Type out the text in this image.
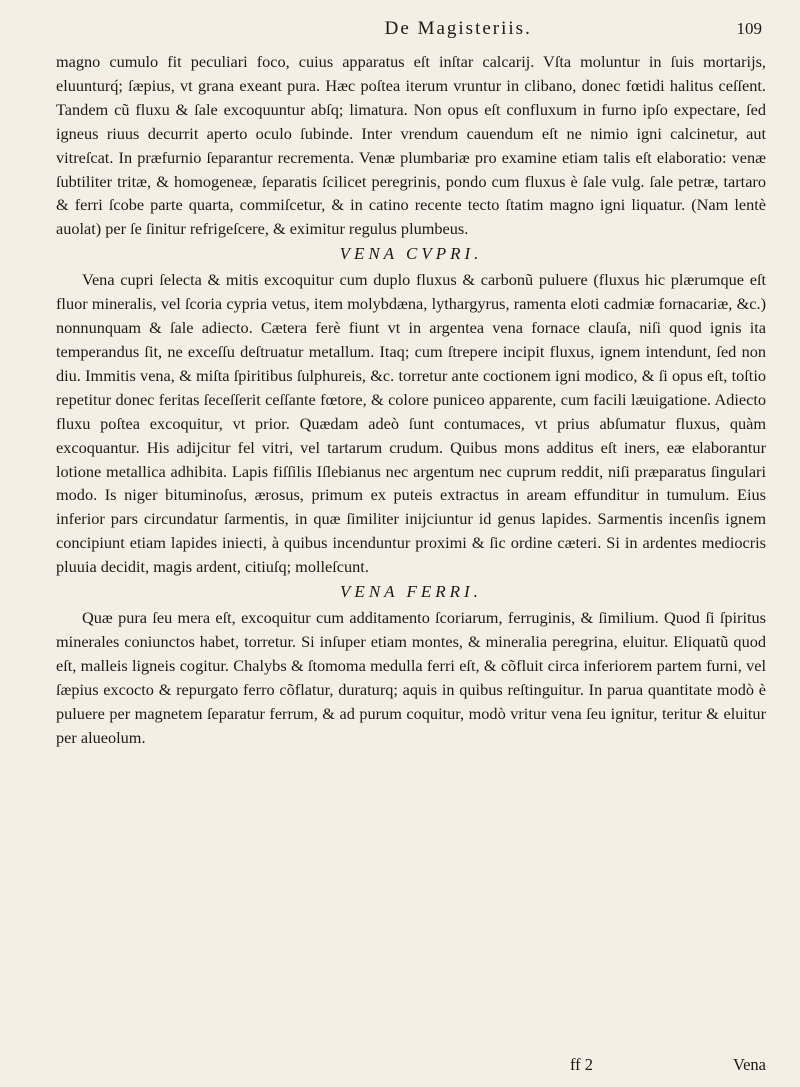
De Magisteriis.	109

magno cumulo fit peculiari foco, cuius apparatus eſt inſtar calcarij. Vſta moluntur in ſuis mortarijs, eluunturq́; ſæpius, vt grana exeant pura. Hæc poſtea iterum vruntur in clibano, donec fœtidi halitus ceſſent. Tandem cũ fluxu & ſale excoquuntur abſq; limatura. Non opus eſt confluxum in furno ipſo expectare, ſed igneus riuus decurrit aperto oculo ſubinde. Inter vrendum cauendum eſt ne nimio igni calcinetur, aut vitreſcat. In præfurnio ſeparantur recrementa. Venæ plumbariæ pro examine etiam talis eſt elaboratio: venæ ſubtiliter tritæ, & homogeneæ, ſeparatis ſcilicet peregrinis, pondo cum fluxus è ſale vulg. ſale petræ, tartaro & ferri ſcobe parte quarta, commiſcetur, & in catino recente tecto ſtatim magno igni liquatur. (Nam lentè auolat) per ſe ſinitur refrigeſcere, & eximitur regulus plumbeus.

VENA CVPRI.

Vena cupri ſelecta & mitis excoquitur cum duplo fluxus & carbonũ puluere (fluxus hic plærumque eſt fluor mineralis, vel ſcoria cypria vetus, item molybdæna, lythargyrus, ramenta eloti cadmiæ fornacariæ, &c.) nonnunquam & ſale adiecto. Cætera ferè fiunt vt in argentea vena fornace clauſa, niſi quod ignis ita temperandus ſit, ne exceſſu deſtruatur metallum. Itaq; cum ſtrepere incipit fluxus, ignem intendunt, ſed non diu. Immitis vena, & miſta ſpiritibus ſulphureis, &c. torretur ante coctionem igni modico, & ſi opus eſt, toſtio repetitur donec feritas ſeceſſerit ceſſante fœtore, & colore puniceo apparente, cum facili læuigatione. Adiecto fluxu poſtea excoquitur, vt prior. Quædam adeò ſunt contumaces, vt prius abſumatur fluxus, quàm excoquantur. His adijcitur fel vitri, vel tartarum crudum. Quibus mons additus eſt iners, eæ elaborantur lotione metallica adhibita. Lapis fiſſilis Iſlebianus nec argentum nec cuprum reddit, niſi præparatus ſingulari modo. Is niger bituminoſus, ærosus, primum ex puteis extractus in aream effunditur in tumulum. Eius inferior pars circundatur ſarmentis, in quæ ſimiliter inijciuntur id genus lapides. Sarmentis incenſis ignem concipiunt etiam lapides iniecti, à quibus incenduntur proximi & ſic ordine cæteri. Si in ardentes mediocris pluuia decidit, magis ardent, citiuſq; molleſcunt.

VENA FERRI.

Quæ pura ſeu mera eſt, excoquitur cum additamento ſcoriarum, ferruginis, & ſimilium. Quod ſi ſpiritus minerales coniunctos habet, torretur. Si inſuper etiam montes, & mineralia peregrina, eluitur. Eliquatũ quod eſt, malleis ligneis cogitur. Chalybs & ſtomoma medulla ferri eſt, & cõfluit circa inferiorem partem furni, vel ſæpius excocto & repurgato ferro cõflatur, duraturq; aquis in quibus reſtinguitur. In parua quantitate modò è puluere per magnetem ſeparatur ferrum, & ad purum coquitur, modò vritur vena ſeu ignitur, teritur & eluitur per alueolum.

ff 2	Vena
